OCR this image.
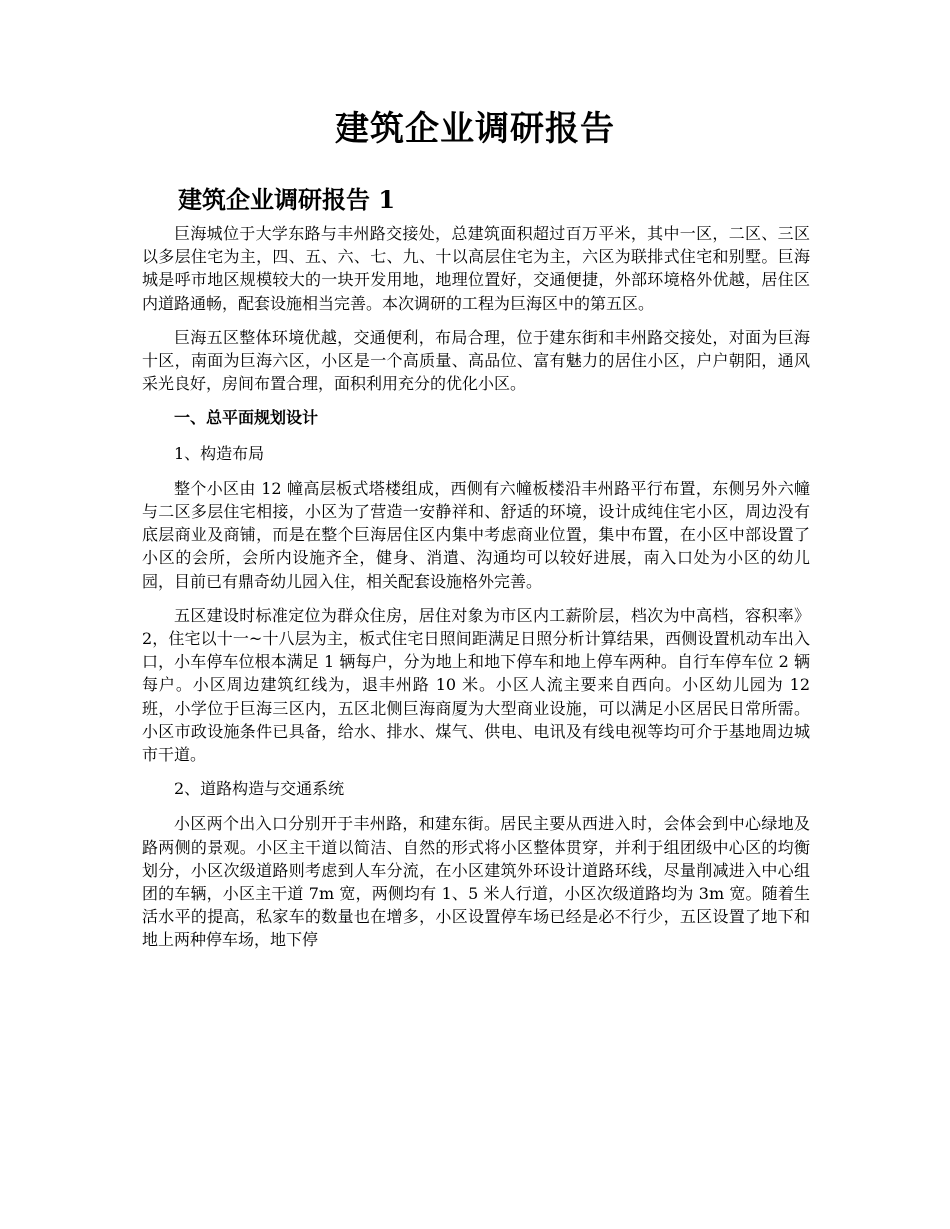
建筑企业调研报告
建筑企业调研报告 1

巨海城位于大学东路与丰州路交接处，总建筑面积超过百万平米，其中一区，二区、三区以多层住宅为主，四、五、六、七、九、十以高层住宅为主，六区为联排式住宅和别墅。巨海城是呼市地区规模较大的一块开发用地，地理位置好，交通便捷，外部环境格外优越，居住区内道路通畅，配套设施相当完善。本次调研的工程为巨海区中的第五区。

巨海五区整体环境优越，交通便利，布局合理，位于建东街和丰州路交接处，对面为巨海十区，南面为巨海六区，小区是一个高质量、高品位、富有魅力的居住小区，户户朝阳，通风采光良好，房间布置合理，面积利用充分的优化小区。

一、总平面规划设计

1、构造布局

整个小区由 12 幢高层板式塔楼组成，西侧有六幢板楼沿丰州路平行布置，东侧另外六幢与二区多层住宅相接，小区为了营造一安静祥和、舒适的环境，设计成纯住宅小区，周边没有底层商业及商铺，而是在整个巨海居住区内集中考虑商业位置，集中布置，在小区中部设置了小区的会所，会所内设施齐全，健身、消遣、沟通均可以较好进展，南入口处为小区的幼儿园，目前已有鼎奇幼儿园入住，相关配套设施格外完善。

五区建设时标准定位为群众住房，居住对象为市区内工薪阶层，档次为中高档，容积率》2，住宅以十一~十八层为主，板式住宅日照间距满足日照分析计算结果，西侧设置机动车出入口，小车停车位根本满足 1 辆每户，分为地上和地下停车和地上停车两种。自行车停车位 2 辆每户。小区周边建筑红线为，退丰州路 10 米。小区人流主要来自西向。小区幼儿园为 12 班，小学位于巨海三区内，五区北侧巨海商厦为大型商业设施，可以满足小区居民日常所需。小区市政设施条件已具备，给水、排水、煤气、供电、电讯及有线电视等均可介于基地周边城市干道。

2、道路构造与交通系统

小区两个出入口分别开于丰州路，和建东街。居民主要从西进入时，会体会到中心绿地及路两侧的景观。小区主干道以简洁、自然的形式将小区整体贯穿，并利于组团级中心区的均衡划分，小区次级道路则考虑到人车分流，在小区建筑外环设计道路环线，尽量削减进入中心组团的车辆，小区主干道 7m 宽，两侧均有 1、5 米人行道，小区次级道路均为 3m 宽。随着生活水平的提高，私家车的数量也在增多，小区设置停车场已经是必不行少，五区设置了地下和地上两种停车场，地下停
